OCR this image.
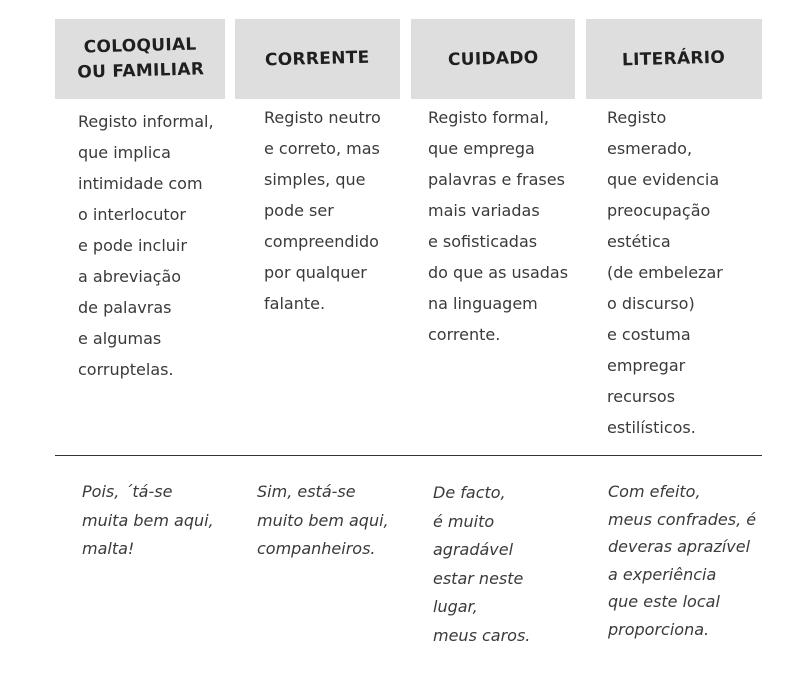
COLOQUIAL
OU FAMILIAR
CORRENTE	CUIDADO	LITERÁRIO
Registo informal,
que implica
intimidade com
o interlocutor
e pode incluir
a abreviação
de palavras
e algumas
corruptelas.
Registo neutro
e correto, mas
simples, que
pode ser
compreendido
por qualquer
falante.
Registo formal,
que emprega
palavras e frases
mais variadas
e sofisticadas
do que as usadas
na linguagem
corrente.
Registo
esmerado,
que evidencia
preocupação
estética
(de embelezar
o discurso)
e costuma
empregar
recursos
estilísticos.
Pois, ´tá-se
muita bem aqui,
malta!
Sim, está-se
muito bem aqui,
companheiros.
De facto,
é muito
agradável
estar neste
lugar,
meus caros.
Com efeito,
meus confrades, é
deveras aprazível
a experiência
que este local
proporciona.
